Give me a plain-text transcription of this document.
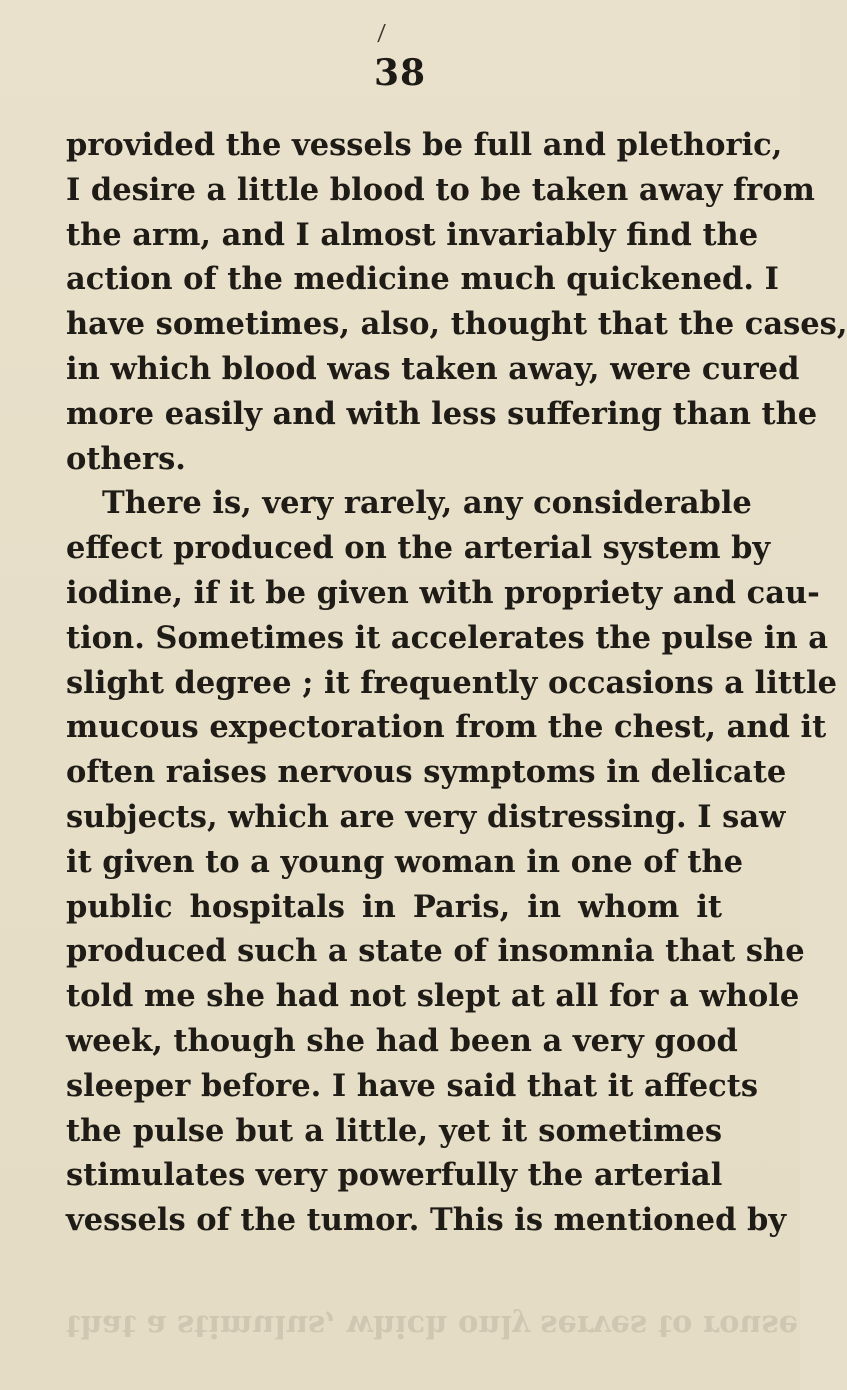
⁄
38
provided the vessels be full and plethoric,
I desire a little blood to be taken away from
the arm, and I almost invariably find the
action of the medicine much quickened. I
have sometimes, also, thought that the cases,
in which blood was taken away, were cured
more easily and with less suffering than the
others.
There is, very rarely, any considerable
effect produced on the arterial system by
iodine, if it be given with propriety and cau-
tion. Sometimes it accelerates the pulse in a
slight degree ; it frequently occasions a little
mucous expectoration from the chest, and it
often raises nervous symptoms in delicate
subjects, which are very distressing. I saw
it given to a young woman in one of the
public hospitals in Paris, in whom it
produced such a state of insomnia that she
told me she had not slept at all for a whole
week, though she had been a very good
sleeper before. I have said that it affects
the pulse but a little, yet it sometimes
stimulates very powerfully the arterial
vessels of the tumor. This is mentioned by
that a stimulus, which only serves to rouse
